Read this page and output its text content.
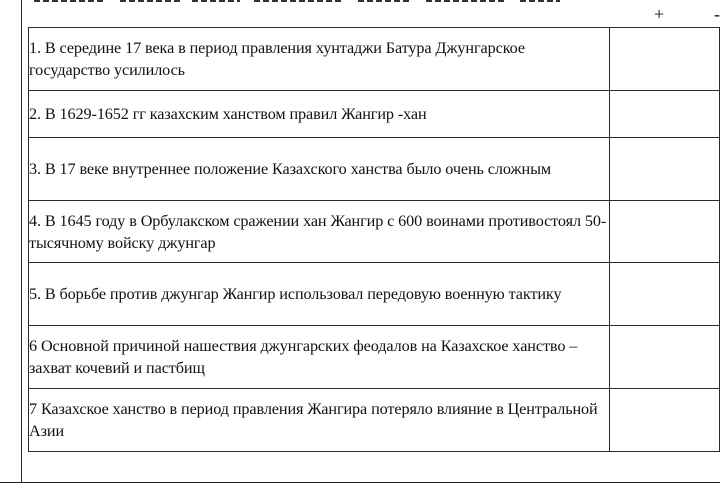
+	-
1. В середине 17 века в период правления хунтаджи Батура Джунгарское государство усилилось	
2. В 1629-1652 гг казахским ханством правил Жангир -хан	
3. В 17 веке внутреннее положение Казахского ханства было очень сложным	
4. В 1645 году в Орбулакском сражении хан Жангир с 600 воинами противостоял 50-тысячному войску джунгар	
5. В борьбе против джунгар Жангир использовал передовую военную тактику	
6 Основной причиной нашествия джунгарских феодалов на Казахское ханство – захват кочевий и пастбищ	
7 Казахское ханство в период правления Жангира потеряло влияние в Центральной Азии	
